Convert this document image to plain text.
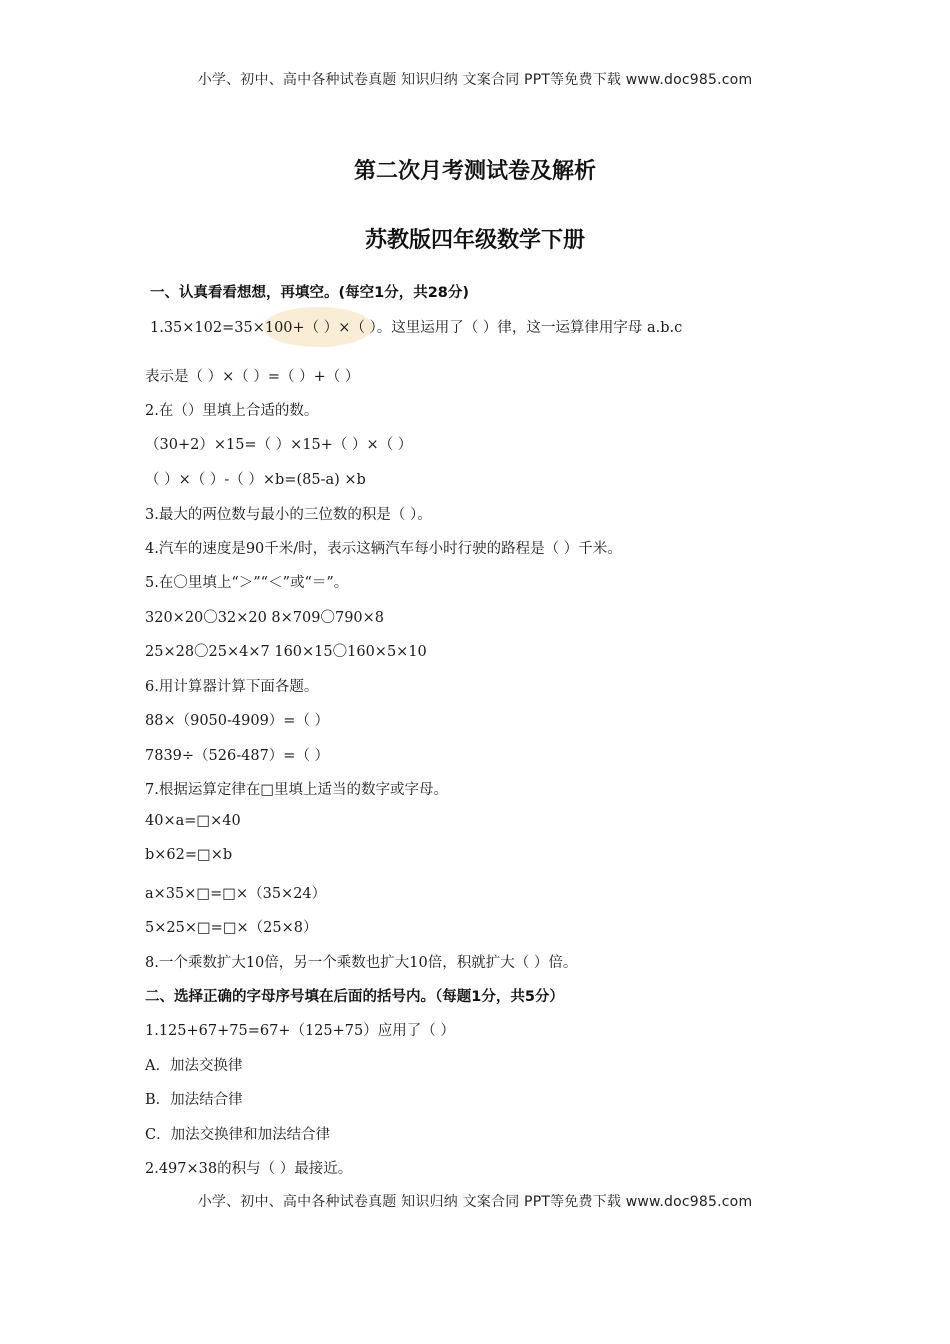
小学、初中、高中各种试卷真题 知识归纳 文案合同 PPT等免费下载 www.doc985.com
第二次月考测试卷及解析
苏教版四年级数学下册
一、认真看看想想，再填空。(每空1分，共28分)
1.35×102=35×100+（ ）×（ ）。这里运用了（ ）律，这一运算律用字母 a.b.c
表示是（ ）×（ ）=（ ）+（ ）
2.在（）里填上合适的数。
（30+2）×15=（ ）×15+（ ）×（ ）
（ ）×（ ）-（ ）×b=(85-a) ×b
3.最大的两位数与最小的三位数的积是（ ）。
4.汽车的速度是90千米/时，表示这辆汽车每小时行驶的路程是（ ）千米。
5.在〇里填上“＞”“＜”或“＝”。
320×20〇32×20 8×709〇790×8
25×28〇25×4×7 160×15〇160×5×10
6.用计算器计算下面各题。
88×（9050-4909）=（ ）
7839÷（526-487）=（ ）
7.根据运算定律在□里填上适当的数字或字母。
40×a=□×40
b×62=□×b
a×35×□=□×（35×24）
5×25×□=□×（25×8）
8.一个乘数扩大10倍，另一个乘数也扩大10倍，积就扩大（ ）倍。
二、选择正确的字母序号填在后面的括号内。（每题1分，共5分）
1.125+67+75=67+（125+75）应用了（ ）
A．加法交换律
B．加法结合律
C．加法交换律和加法结合律
2.497×38的积与（ ）最接近。
小学、初中、高中各种试卷真题 知识归纳 文案合同 PPT等免费下载 www.doc985.com
